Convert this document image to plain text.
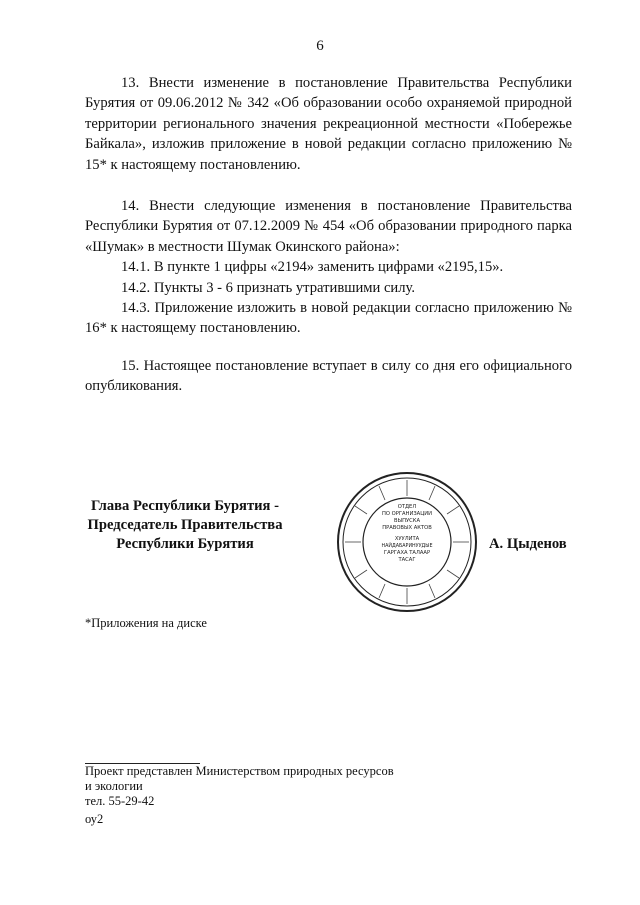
6

13. Внести изменение в постановление Правительства Республики Бурятия от 09.06.2012 № 342 «Об образовании особо охраняемой природной территории регионального значения рекреационной местности «Побережье Байкала», изложив приложение в новой редакции согласно приложению № 15* к настоящему постановлению.

14. Внести следующие изменения в постановление Правительства Республики Бурятия от 07.12.2009 № 454 «Об образовании природного парка «Шумак» в местности Шумак Окинского района»:

14.1. В пункте 1 цифры «2194» заменить цифрами «2195,15».

14.2. Пункты 3 - 6 признать утратившими силу.

14.3. Приложение изложить в новой редакции согласно приложению № 16* к настоящему постановлению.

15. Настоящее постановление вступает в силу со дня его официального опубликования.

Глава Республики Бурятия -
Председатель Правительства
Республики Бурятия
ОТДЕЛ
ПО ОРГАНИЗАЦИИ
ВЫПУСКА
ПРАВОВЫХ АКТОВ
ХУУЛИТА
НАЙДАБАРИНУУДЫЕ
ГАРГАХА ТАЛААР
ТАСАГ
А. Цыденов
*Приложения на диске
Проект представлен Министерством природных ресурсов
и экологии
тел. 55-29-42
оу2
